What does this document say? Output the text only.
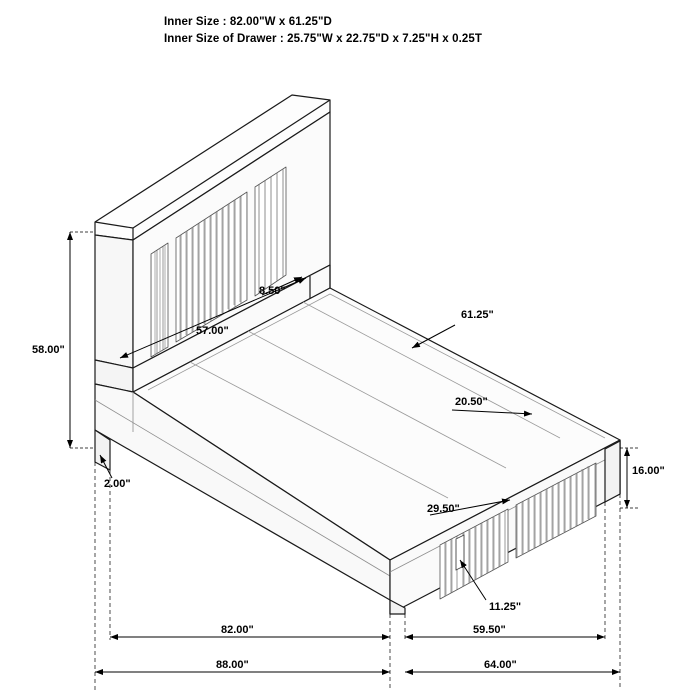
Inner Size : 82.00"W x 61.25"D
Inner Size of Drawer : 25.75"W x 22.75"D x 7.25"H x 0.25T
58.00"
57.00"
8.50"
61.25"
20.50"
16.00"
2.00"
29.50"
11.25"
82.00"	59.50"
88.00"	64.00"
